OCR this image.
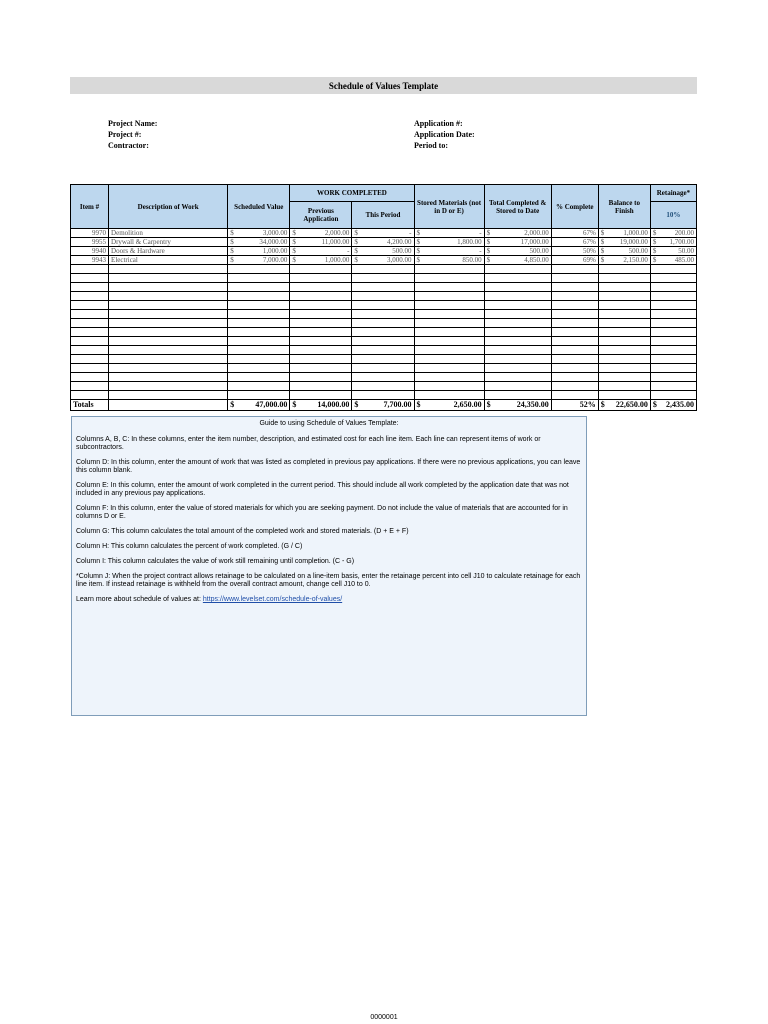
Schedule of Values Template
Project Name:
Project #:
Contractor:
Application #:
Application Date:
Period to:
Item #	Description of Work	Scheduled Value	WORK COMPLETED		Stored Materials (not in D or E)	Total Completed & Stored to Date	% Complete	Balance to Finish	Retainage*
			Previous Application	This Period					10%
9970	Demolition	$ 3,000.00	$ 2,000.00	$ -	$ -	$ 2,000.00	67%	$ 1,000.00	$ 200.00

9955	Drywall & Carpentry	$ 34,000.00	$ 11,000.00	$ 4,200.00	$ 1,800.00	$ 17,000.00	67%	$ 19,000.00	$ 1,700.00

9940	Doors & Hardware	$ 1,000.00	$ -	$ 500.00	$ -	$ 500.00	50%	$ 500.00	$ 50.00

9943	Electrical	$ 7,000.00	$ 1,000.00	$ 3,000.00	$ 850.00	$ 4,850.00	69%	$ 2,150.00	$ 485.00

Totals		$ 47,000.00	$ 14,000.00	$ 7,700.00	$ 2,650.00	$ 24,350.00	52%	$ 22,650.00	$ 2,435.00
Guide to using Schedule of Values Template:

Columns A, B, C: In these columns, enter the item number, description, and estimated cost for each line item. Each line can represent items of work or subcontractors.

Column D: In this column, enter the amount of work that was listed as completed in previous pay applications. If there were no previous applications, you can leave this column blank.

Column E: In this column, enter the amount of work completed in the current period. This should include all work completed by the application date that was not included in any previous pay applications.

Column F: In this column, enter the value of stored materials for which you are seeking payment. Do not include the value of materials that are accounted for in columns D or E.

Column G: This column calculates the total amount of the completed work and stored materials. (D + E + F)

Column H: This column calculates the percent of work completed. (G / C)

Column I: This column calculates the value of work still remaining until completion. (C - G)

*Column J: When the project contract allows retainage to be calculated on a line-item basis, enter the retainage percent into cell J10 to calculate retainage for each line item. If instead retainage is withheld from the overall contract amount, change cell J10 to 0.

Learn more about schedule of values at: https://www.levelset.com/schedule-of-values/

0000001
